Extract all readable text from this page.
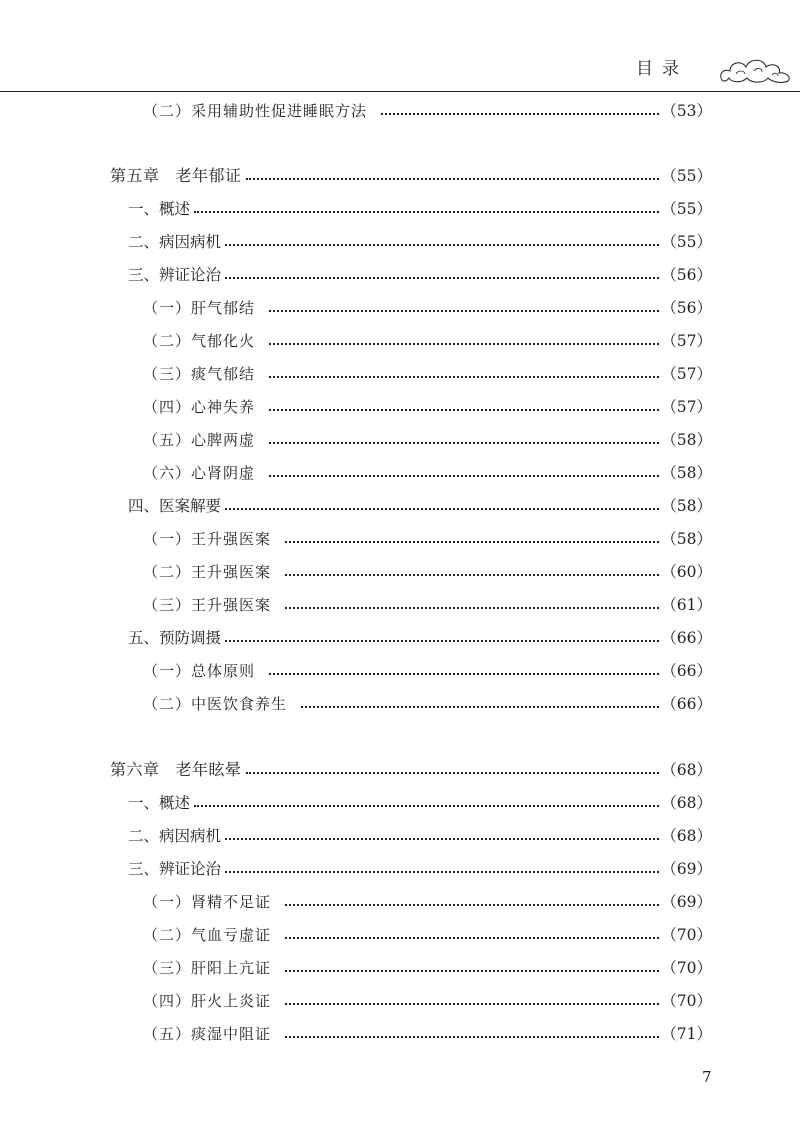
目录
（二）采用辅助性促进睡眠方法	（53）
第五章 老年郁证	（55）
一、概述	（55）
二、病因病机	（55）
三、辨证论治	（56）
（一）肝气郁结	（56）
（二）气郁化火	（57）
（三）痰气郁结	（57）
（四）心神失养	（57）
（五）心脾两虚	（58）
（六）心肾阴虚	（58）
四、医案解要	（58）
（一）王升强医案	（58）
（二）王升强医案	（60）
（三）王升强医案	（61）
五、预防调摄	（66）
（一）总体原则	（66）
（二）中医饮食养生	（66）
第六章 老年眩晕	（68）
一、概述	（68）
二、病因病机	（68）
三、辨证论治	（69）
（一）肾精不足证	（69）
（二）气血亏虚证	（70）
（三）肝阳上亢证	（70）
（四）肝火上炎证	（70）
（五）痰湿中阻证	（71）
7
